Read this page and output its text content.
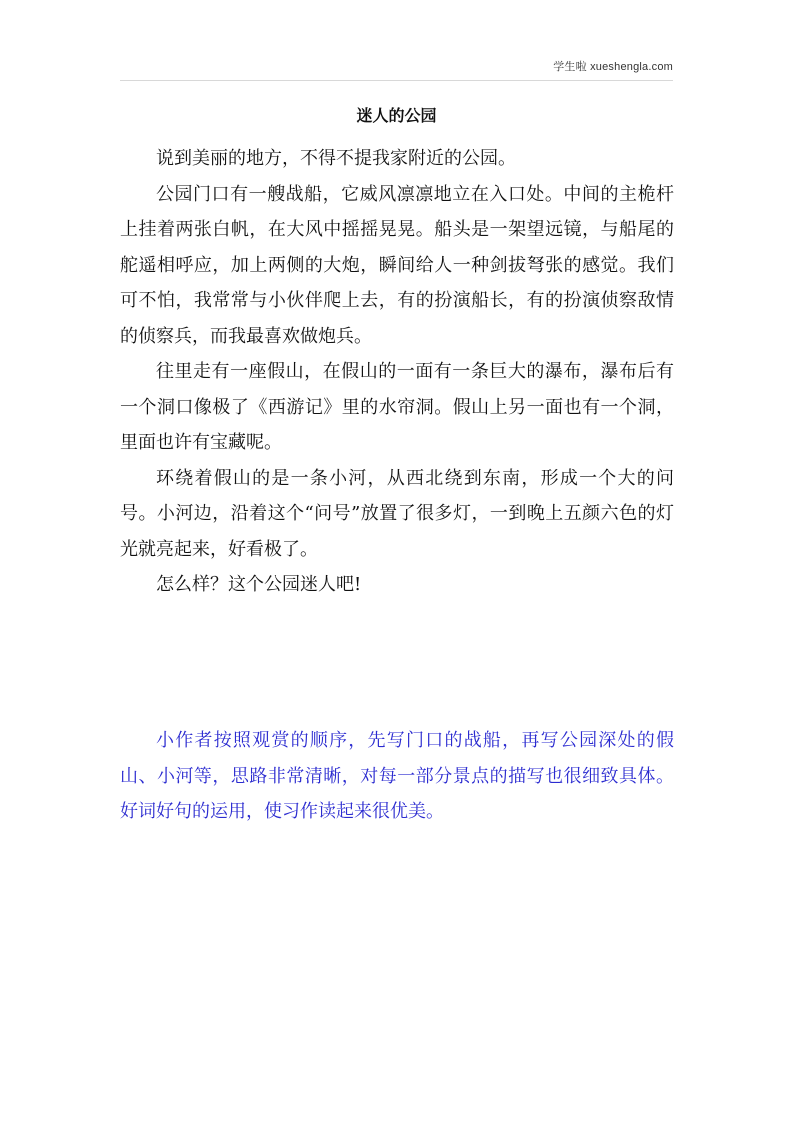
学生啦 xueshengla.com
迷人的公园

说到美丽的地方，不得不提我家附近的公园。

公园门口有一艘战船，它威风凛凛地立在入口处。中间的主桅杆上挂着两张白帆，在大风中摇摇晃晃。船头是一架望远镜，与船尾的舵遥相呼应，加上两侧的大炮，瞬间给人一种剑拔弩张的感觉。我们可不怕，我常常与小伙伴爬上去，有的扮演船长，有的扮演侦察敌情的侦察兵，而我最喜欢做炮兵。

往里走有一座假山，在假山的一面有一条巨大的瀑布，瀑布后有一个洞口像极了《西游记》里的水帘洞。假山上另一面也有一个洞，里面也许有宝藏呢。

环绕着假山的是一条小河，从西北绕到东南，形成一个大的问号。小河边，沿着这个“问号”放置了很多灯，一到晚上五颜六色的灯光就亮起来，好看极了。

怎么样？这个公园迷人吧!

小作者按照观赏的顺序，先写门口的战船，再写公园深处的假山、小河等，思路非常清晰，对每一部分景点的描写也很细致具体。好词好句的运用，使习作读起来很优美。
